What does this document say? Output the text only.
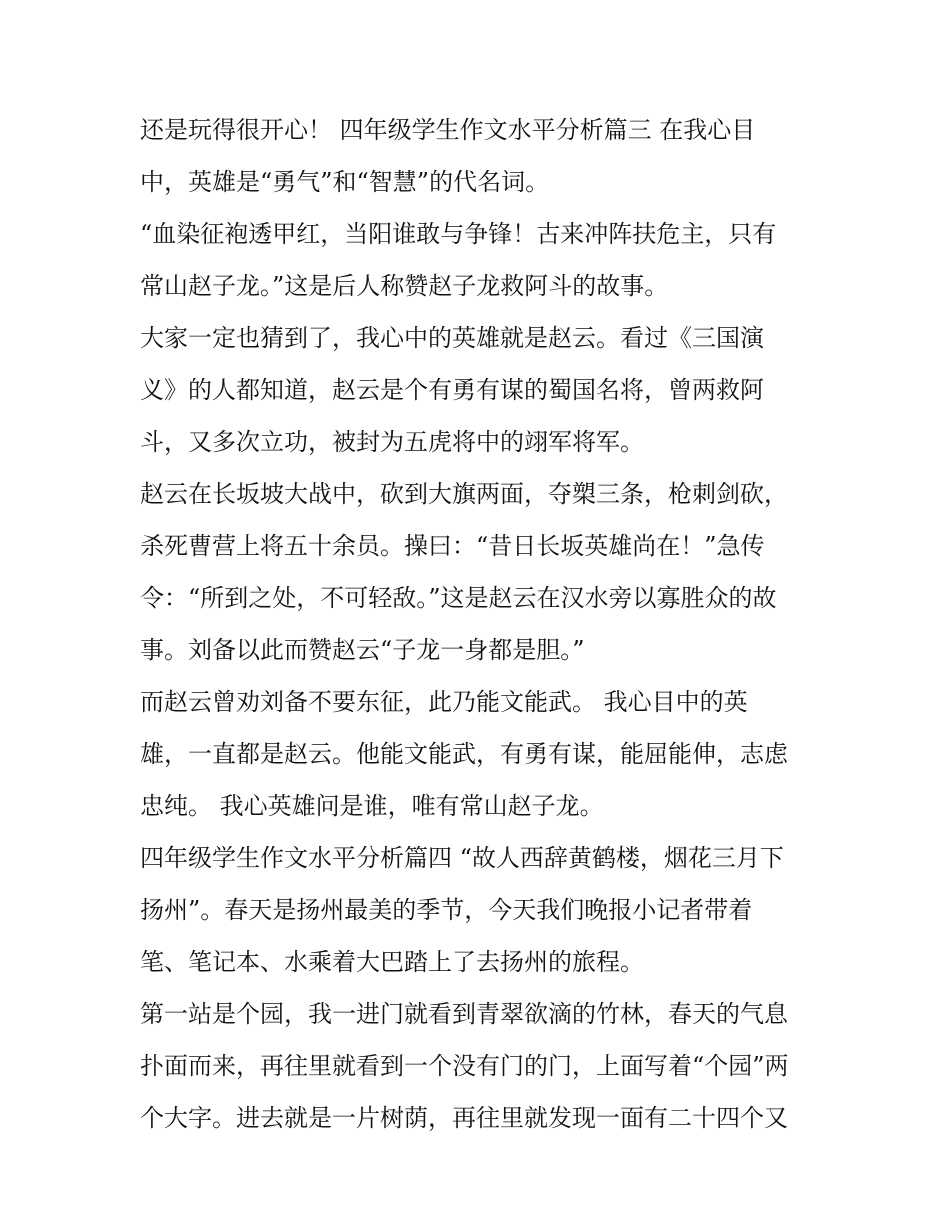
还是玩得很开心！ 四年级学生作文水平分析篇三 在我心目
中，英雄是“勇气”和“智慧”的代名词。
“血染征袍透甲红，当阳谁敢与争锋！古来冲阵扶危主，只有
常山赵子龙。”这是后人称赞赵子龙救阿斗的故事。
大家一定也猜到了，我心中的英雄就是赵云。看过《三国演
义》的人都知道，赵云是个有勇有谋的蜀国名将，曾两救阿
斗，又多次立功，被封为五虎将中的翊军将军。
赵云在长坂坡大战中，砍到大旗两面，夺槊三条，枪刺剑砍，
杀死曹营上将五十余员。操曰：“昔日长坂英雄尚在！”急传
令：“所到之处，不可轻敌。”这是赵云在汉水旁以寡胜众的故
事。刘备以此而赞赵云“子龙一身都是胆。”
而赵云曾劝刘备不要东征，此乃能文能武。 我心目中的英
雄，一直都是赵云。他能文能武，有勇有谋，能屈能伸，志虑
忠纯。 我心英雄问是谁，唯有常山赵子龙。
四年级学生作文水平分析篇四 “故人西辞黄鹤楼，烟花三月下
扬州”。春天是扬州最美的季节，今天我们晚报小记者带着
笔、笔记本、水乘着大巴踏上了去扬州的旅程。
第一站是个园，我一进门就看到青翠欲滴的竹林，春天的气息
扑面而来，再往里就看到一个没有门的门，上面写着“个园”两
个大字。进去就是一片树荫，再往里就发现一面有二十四个又
